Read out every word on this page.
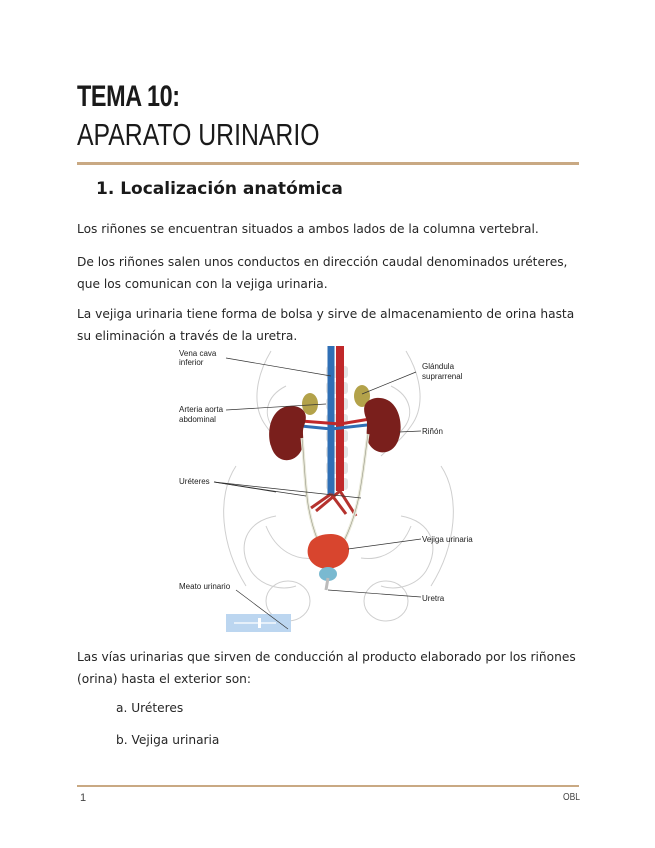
TEMA 10:
APARATO URINARIO
1. Localización anatómica
Los riñones se encuentran situados a ambos lados de la columna vertebral.
De los riñones salen unos conductos en dirección caudal denominados uréteres, que los comunican con la vejiga urinaria.
La vejiga urinaria tiene forma de bolsa y sirve de almacenamiento de orina hasta su eliminación a través de la uretra.
Vena cava
inferior	Glándula
suprarrenal
Arteria aorta
abdominal
Riñón
Uréteres
Vejiga urinaria
Meato urinario
Uretra
Las vías urinarias que sirven de conducción al producto elaborado por los riñones (orina) hasta el exterior son:
a. Uréteres
b. Vejiga urinaria
1	OBL
